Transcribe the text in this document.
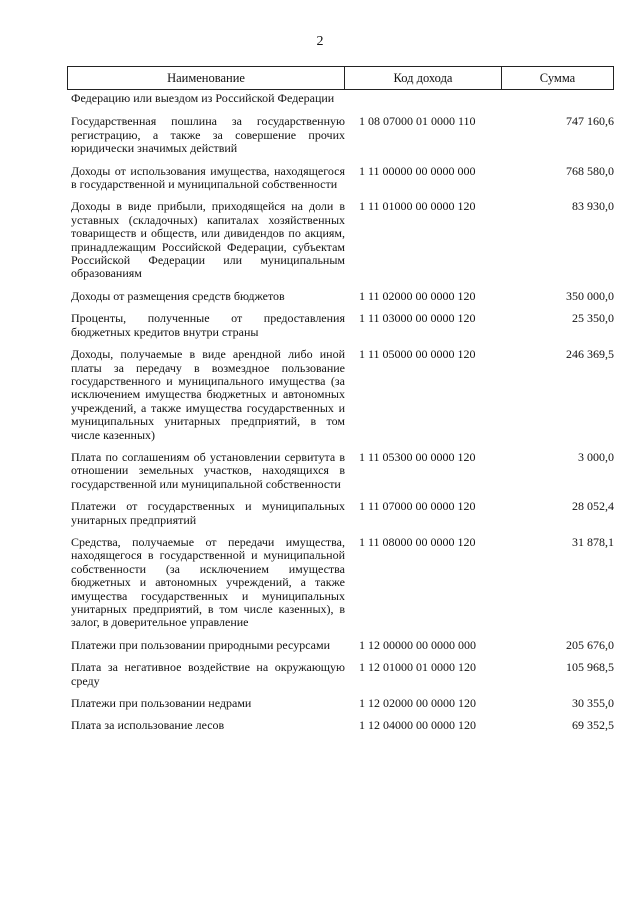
2
Наименование	Код дохода	Сумма
Федерацию или выездом из Российской Федерации
Государственная пошлина за государственную регистрацию, а также за совершение прочих юридически значимых действий
1 08 07000 01 0000 110	747 160,6
Доходы от использования имущества, находящегося в государственной и муниципальной собственности
1 11 00000 00 0000 000	768 580,0
Доходы в виде прибыли, приходящейся на доли в уставных (складочных) капиталах хозяйственных товариществ и обществ, или дивидендов по акциям, принадлежащим Российской Федерации, субъектам Российской Федерации или муниципальным образованиям
1 11 01000 00 0000 120	83 930,0
Доходы от размещения средств бюджетов	1 11 02000 00 0000 120	350 000,0
Проценты, полученные от предоставления бюджетных кредитов внутри страны
1 11 03000 00 0000 120	25 350,0
Доходы, получаемые в виде арендной либо иной платы за передачу в возмездное пользование государственного и муниципального имущества (за исключением имущества бюджетных и автономных учреждений, а также имущества государственных и муниципальных унитарных предприятий, в том числе казенных)
1 11 05000 00 0000 120	246 369,5
Плата по соглашениям об установлении сервитута в отношении земельных участков, находящихся в государственной или муниципальной собственности
1 11 05300 00 0000 120	3 000,0
Платежи от государственных и муниципальных унитарных предприятий
1 11 07000 00 0000 120	28 052,4
Средства, получаемые от передачи имущества, находящегося в государственной и муниципальной собственности (за исключением имущества бюджетных и автономных учреждений, а также имущества государственных и муниципальных унитарных предприятий, в том числе казенных), в залог, в доверительное управление
1 11 08000 00 0000 120	31 878,1
Платежи при пользовании природными ресурсами	1 12 00000 00 0000 000	205 676,0
Плата за негативное воздействие на окружающую среду
1 12 01000 01 0000 120	105 968,5
Платежи при пользовании недрами	1 12 02000 00 0000 120	30 355,0
Плата за использование лесов	1 12 04000 00 0000 120	69 352,5
